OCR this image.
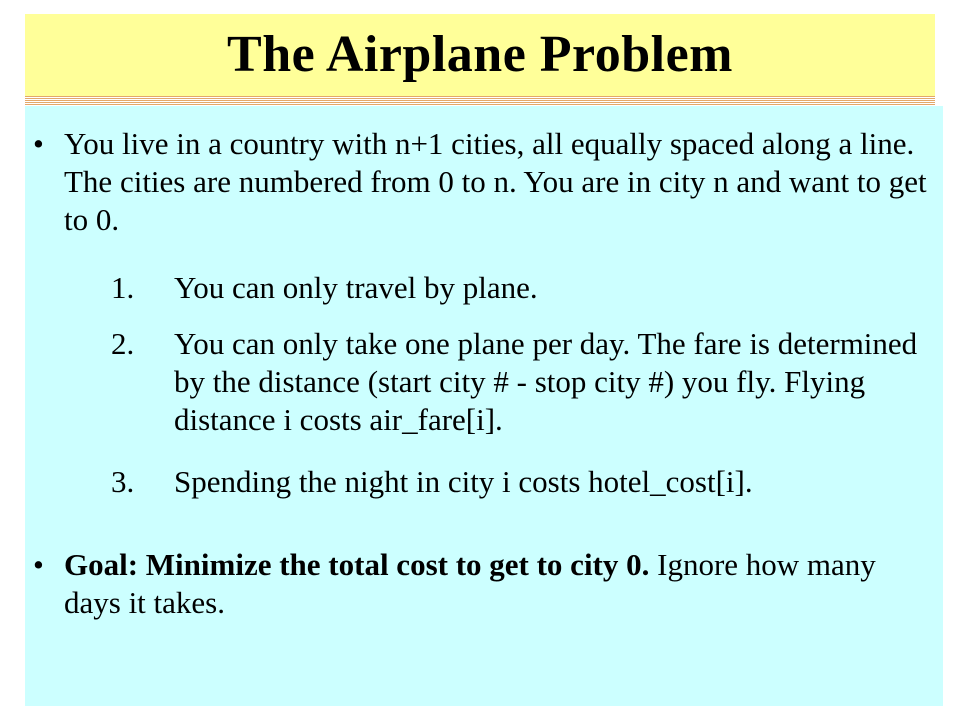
The Airplane Problem
• You live in a country with n+1 cities, all equally spaced along a line. The cities are numbered from 0 to n. You are in city n and want to get to 0.
1. You can only travel by plane.
2. You can only take one plane per day. The fare is determined by the distance (start city # - stop city #) you fly. Flying distance i costs air_fare[i].
3. Spending the night in city i costs hotel_cost[i].
• Goal: Minimize the total cost to get to city 0. Ignore how many days it takes.
